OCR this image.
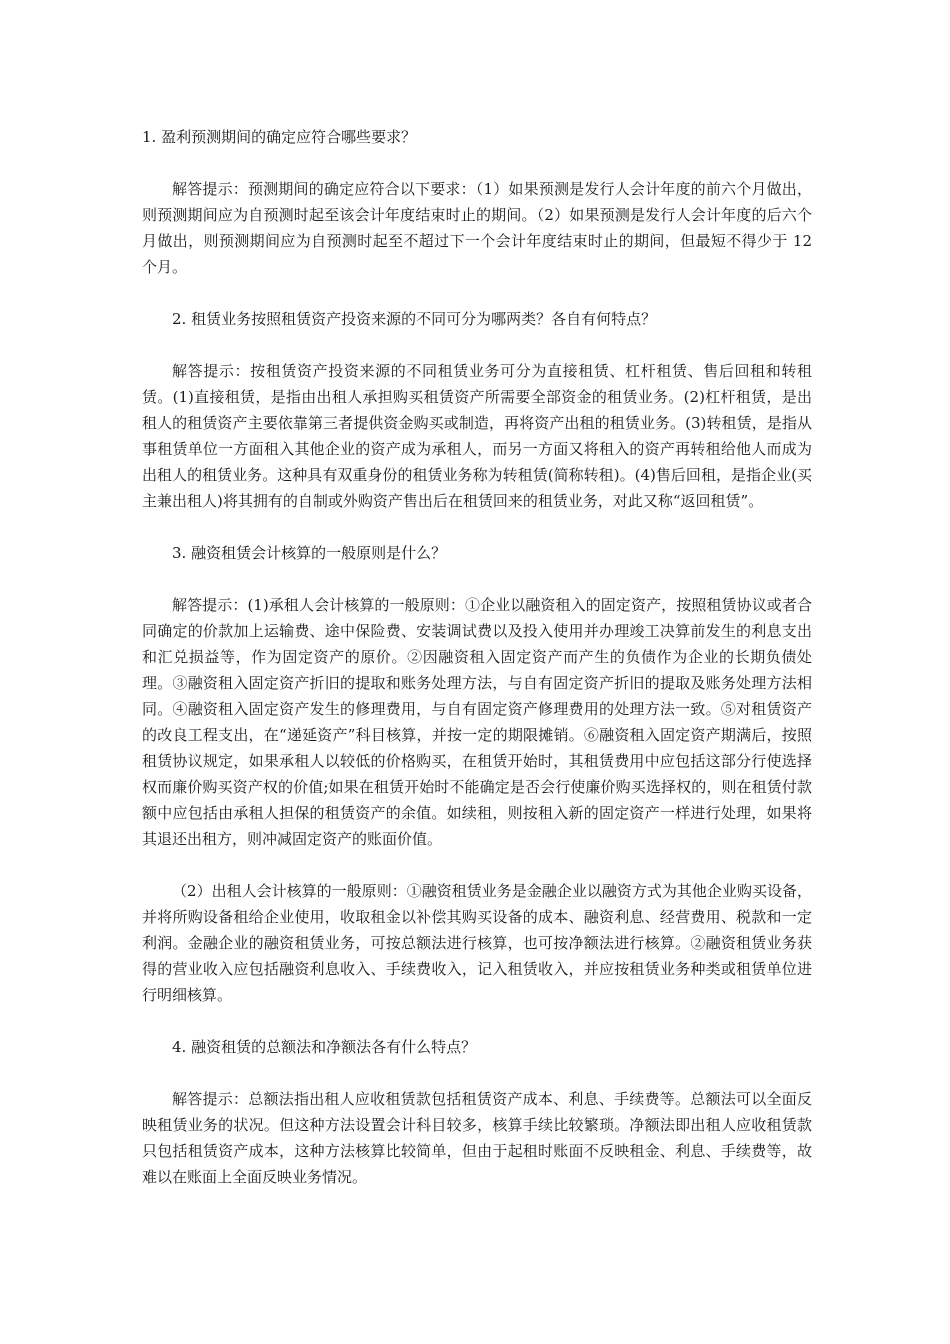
1. 盈利预测期间的确定应符合哪些要求？

解答提示：预测期间的确定应符合以下要求：（1）如果预测是发行人会计年度的前六个月做出，则预测期间应为自预测时起至该会计年度结束时止的期间。（2）如果预测是发行人会计年度的后六个月做出，则预测期间应为自预测时起至不超过下一个会计年度结束时止的期间，但最短不得少于 12 个月。

2. 租赁业务按照租赁资产投资来源的不同可分为哪两类？各自有何特点？

解答提示：按租赁资产投资来源的不同租赁业务可分为直接租赁、杠杆租赁、售后回租和转租赁。(1)直接租赁，是指由出租人承担购买租赁资产所需要全部资金的租赁业务。(2)杠杆租赁，是出租人的租赁资产主要依靠第三者提供资金购买或制造，再将资产出租的租赁业务。(3)转租赁，是指从事租赁单位一方面租入其他企业的资产成为承租人，而另一方面又将租入的资产再转租给他人而成为出租人的租赁业务。这种具有双重身份的租赁业务称为转租赁(简称转租)。(4)售后回租，是指企业(买主兼出租人)将其拥有的自制或外购资产售出后在租赁回来的租赁业务，对此又称“返回租赁”。

3. 融资租赁会计核算的一般原则是什么？

解答提示：(1)承租人会计核算的一般原则：①企业以融资租入的固定资产，按照租赁协议或者合同确定的价款加上运输费、途中保险费、安装调试费以及投入使用并办理竣工决算前发生的利息支出和汇兑损益等，作为固定资产的原价。②因融资租入固定资产而产生的负债作为企业的长期负债处理。③融资租入固定资产折旧的提取和账务处理方法，与自有固定资产折旧的提取及账务处理方法相同。④融资租入固定资产发生的修理费用，与自有固定资产修理费用的处理方法一致。⑤对租赁资产的改良工程支出，在“递延资产”科目核算，并按一定的期限摊销。⑥融资租入固定资产期满后，按照租赁协议规定，如果承租人以较低的价格购买，在租赁开始时，其租赁费用中应包括这部分行使选择权而廉价购买资产权的价值;如果在租赁开始时不能确定是否会行使廉价购买选择权的，则在租赁付款额中应包括由承租人担保的租赁资产的余值。如续租，则按租入新的固定资产一样进行处理，如果将其退还出租方，则冲减固定资产的账面价值。

（2）出租人会计核算的一般原则：①融资租赁业务是金融企业以融资方式为其他企业购买设备，并将所购设备租给企业使用，收取租金以补偿其购买设备的成本、融资利息、经营费用、税款和一定利润。金融企业的融资租赁业务，可按总额法进行核算，也可按净额法进行核算。②融资租赁业务获得的营业收入应包括融资利息收入、手续费收入，记入租赁收入，并应按租赁业务种类或租赁单位进行明细核算。

4. 融资租赁的总额法和净额法各有什么特点？

解答提示：总额法指出租人应收租赁款包括租赁资产成本、利息、手续费等。总额法可以全面反映租赁业务的状况。但这种方法设置会计科目较多，核算手续比较繁琐。净额法即出租人应收租赁款只包括租赁资产成本，这种方法核算比较简单，但由于起租时账面不反映租金、利息、手续费等，故难以在账面上全面反映业务情况。
